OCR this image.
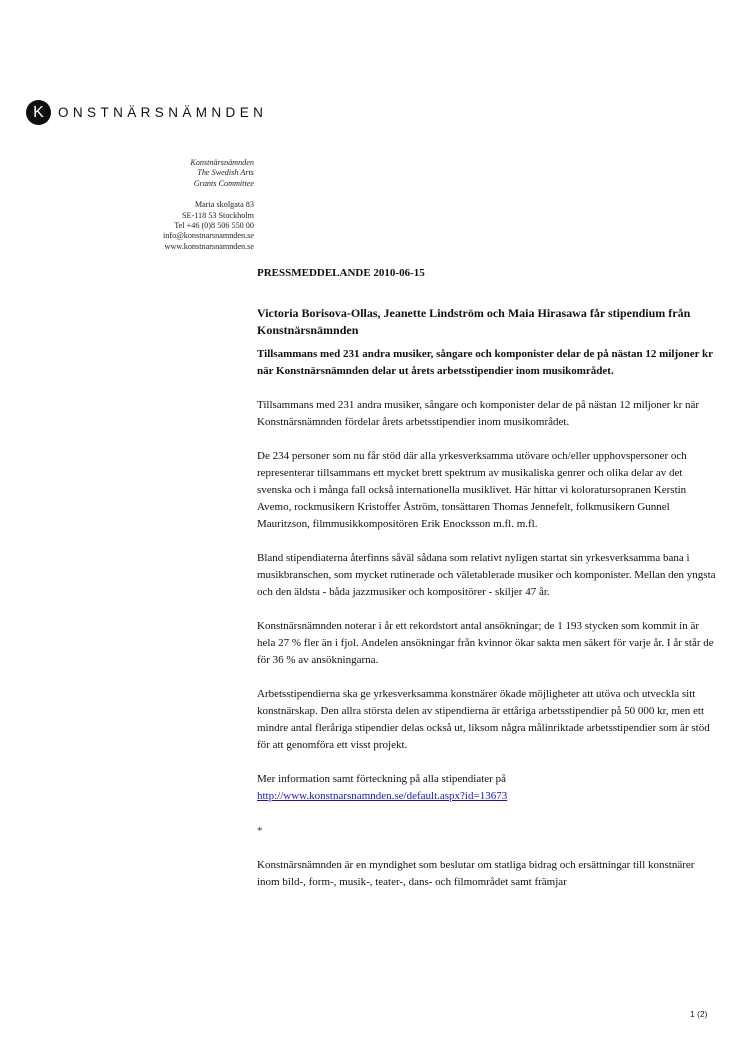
K	ONSTNÄRSNÄMNDEN
Konstnärsnämnden
The Swedish Arts
Grants Committee
Maria skolgata 83
SE-118 53 Stockholm
Tel +46 (0)8 506 550 00
info@konstnarsnamnden.se
www.konstnarsnamnden.se

PRESSMEDDELANDE 2010-06-15

Victoria Borisova-Ollas, Jeanette Lindström och Maia Hirasawa får stipendium från Konstnärsnämnden

Tillsammans med 231 andra musiker, sångare och komponister delar de på nästan 12 miljoner kr när Konstnärsnämnden delar ut årets arbetsstipendier inom musikområdet.

Tillsammans med 231 andra musiker, sångare och komponister delar de på nästan 12 miljoner kr när Konstnärsnämnden fördelar årets arbetsstipendier inom musikområdet.

De 234 personer som nu får stöd där alla yrkesverksamma utövare och/eller upphovspersoner och representerar tillsammans ett mycket brett spektrum av musikaliska genrer och olika delar av det svenska och i många fall också internationella musiklivet. Här hittar vi koloratursopranen Kerstin Avemo, rockmusikern Kristoffer Åström, tonsättaren Thomas Jennefelt, folkmusikern Gunnel Mauritzson, filmmusikkompositören Erik Enocksson m.fl. m.fl.

Bland stipendiaterna återfinns såväl sådana som relativt nyligen startat sin yrkesverksamma bana i musikbranschen, som mycket rutinerade och väletablerade musiker och komponister. Mellan den yngsta och den äldsta - båda jazzmusiker och kompositörer - skiljer 47 år.

Konstnärsnämnden noterar i år ett rekordstort antal ansökningar; de 1 193 stycken som kommit in är hela 27 % fler än i fjol. Andelen ansökningar från kvinnor ökar sakta men säkert för varje år. I år står de för 36 % av ansökningarna.

Arbetsstipendierna ska ge yrkesverksamma konstnärer ökade möjligheter att utöva och utveckla sitt konstnärskap. Den allra största delen av stipendierna är ettåriga arbetsstipendier på 50 000 kr, men ett mindre antal fleråriga stipendier delas också ut, liksom några målinriktade arbetsstipendier som är stöd för att genomföra ett visst projekt.

Mer information samt förteckning på alla stipendiater på
http://www.konstnarsnamnden.se/default.aspx?id=13673

*

Konstnärsnämnden är en myndighet som beslutar om statliga bidrag och ersättningar till konstnärer inom bild-, form-, musik-, teater-, dans- och filmområdet samt främjar

1 (2)
